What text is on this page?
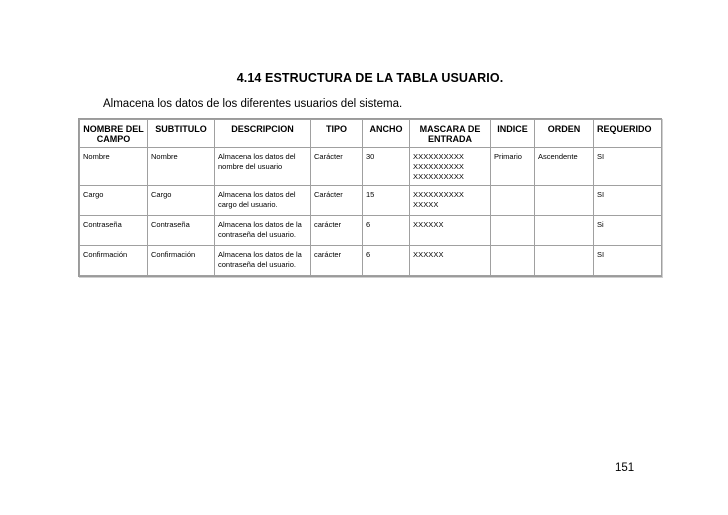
4.14 ESTRUCTURA DE LA TABLA USUARIO.
Almacena los datos de los diferentes usuarios del sistema.
NOMBRE DEL CAMPO	SUBTITULO	DESCRIPCION	TIPO	ANCHO	MASCARA DE ENTRADA	INDICE	ORDEN	REQUERIDO
Nombre	Nombre	Almacena los datos del nombre del usuario	Carácter	30	XXXXXXXXXX XXXXXXXXXX XXXXXXXXXX	Primario	Ascendente	SI
Cargo	Cargo	Almacena los datos del cargo del usuario.	Carácter	15	XXXXXXXXXX XXXXX			SI
Contraseña	Contraseña	Almacena los datos de la contraseña del usuario.	carácter	6	XXXXXX			Si
Confirmación	Confirmación	Almacena los datos de la contraseña del usuario.	carácter	6	XXXXXX			SI
151
